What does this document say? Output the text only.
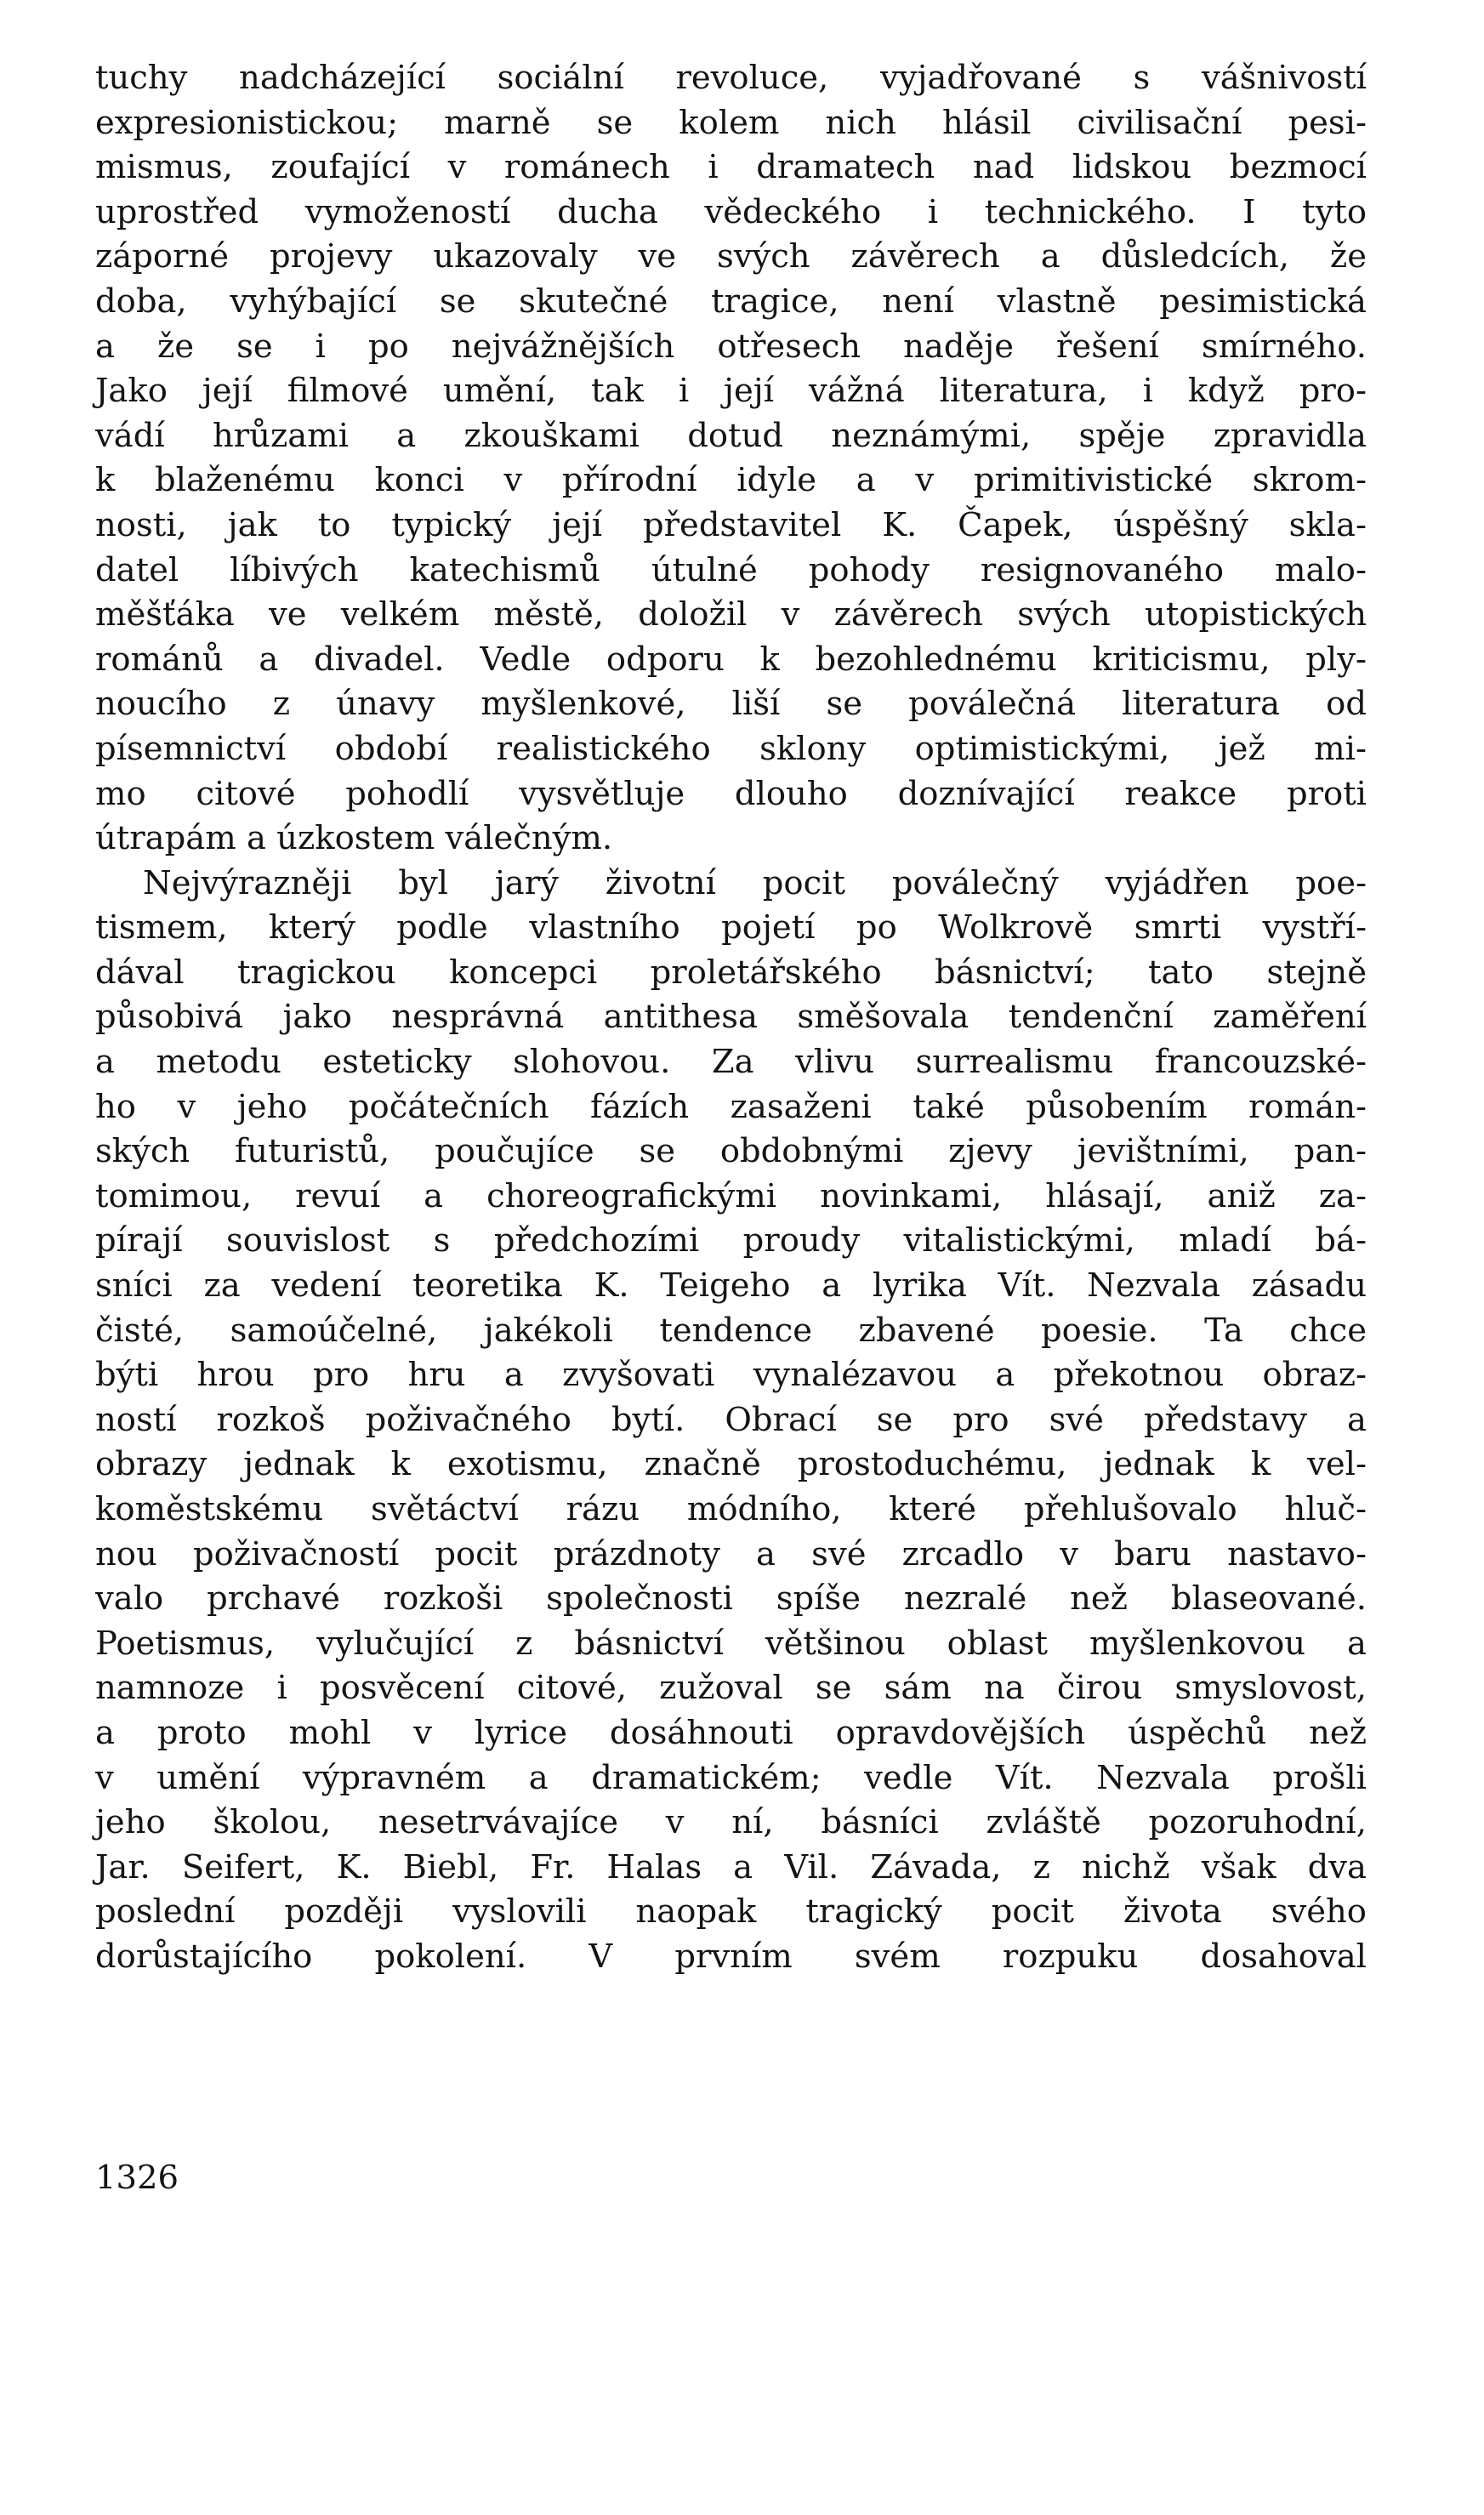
tuchy nadcházející sociální revoluce, vyjadřované s vášnivostí
expresionistickou; marně se kolem nich hlásil civilisační pesi-
mismus, zoufající v románech i dramatech nad lidskou bezmocí
uprostřed vymožeností ducha vědeckého i technického. I tyto
záporné projevy ukazovaly ve svých závěrech a důsledcích, že
doba, vyhýbající se skutečné tragice, není vlastně pesimistická
a že se i po nejvážnějších otřesech naděje řešení smírného.
Jako její filmové umění, tak i její vážná literatura, i když pro-
vádí hrůzami a zkouškami dotud neznámými, spěje zpravidla
k blaženému konci v přírodní idyle a v primitivistické skrom-
nosti, jak to typický její představitel K. Čapek, úspěšný skla-
datel líbivých katechismů útulné pohody resignovaného malo-
měšťáka ve velkém městě, doložil v závěrech svých utopistických
románů a divadel. Vedle odporu k bezohlednému kriticismu, ply-
noucího z únavy myšlenkové, liší se poválečná literatura od
písemnictví období realistického sklony optimistickými, jež mi-
mo citové pohodlí vysvětluje dlouho doznívající reakce proti
útrapám a úzkostem válečným.
Nejvýrazněji byl jarý životní pocit poválečný vyjádřen poe-
tismem, který podle vlastního pojetí po Wolkrově smrti vystří-
dával tragickou koncepci proletářského básnictví; tato stejně
působivá jako nesprávná antithesa směšovala tendenční zaměření
a metodu esteticky slohovou. Za vlivu surrealismu francouzské-
ho v jeho počátečních fázích zasaženi také působením román-
ských futuristů, poučujíce se obdobnými zjevy jevištními, pan-
tomimou, revuí a choreografickými novinkami, hlásají, aniž za-
pírají souvislost s předchozími proudy vitalistickými, mladí bá-
sníci za vedení teoretika K. Teigeho a lyrika Vít. Nezvala zásadu
čisté, samoúčelné, jakékoli tendence zbavené poesie. Ta chce
býti hrou pro hru a zvyšovati vynalézavou a překotnou obraz-
ností rozkoš poživačného bytí. Obrací se pro své představy a
obrazy jednak k exotismu, značně prostoduchému, jednak k vel-
koměstskému světáctví rázu módního, které přehlušovalo hluč-
nou poživačností pocit prázdnoty a své zrcadlo v baru nastavo-
valo prchavé rozkoši společnosti spíše nezralé než blaseované.
Poetismus, vylučující z básnictví většinou oblast myšlenkovou a
namnoze i posvěcení citové, zužoval se sám na čirou smyslovost,
a proto mohl v lyrice dosáhnouti opravdovějších úspěchů než
v umění výpravném a dramatickém; vedle Vít. Nezvala prošli
jeho školou, nesetrvávajíce v ní, básníci zvláště pozoruhodní,
Jar. Seifert, K. Biebl, Fr. Halas a Vil. Závada, z nichž však dva
poslední později vyslovili naopak tragický pocit života svého
dorůstajícího pokolení. V prvním svém rozpuku dosahoval
1326
